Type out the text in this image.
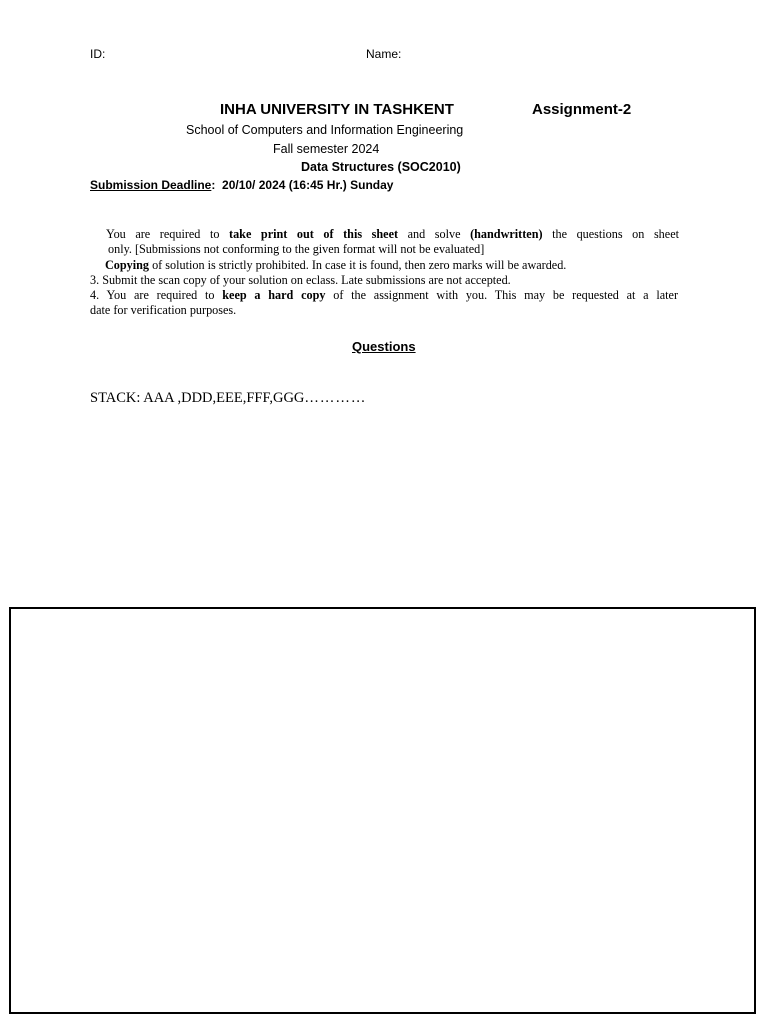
ID:	Name:
INHA UNIVERSITY IN TASHKENT	Assignment-2
School of Computers and Information Engineering
Fall semester 2024
Data Structures (SOC2010)
Submission Deadline: 20/10/ 2024 (16:45 Hr.) Sunday
You are required to take print out of this sheet and solve (handwritten) the questions on sheet
only. [Submissions not conforming to the given format will not be evaluated]
Copying of solution is strictly prohibited. In case it is found, then zero marks will be awarded.
3. Submit the scan copy of your solution on eclass. Late submissions are not accepted.
4. You are required to keep a hard copy of the assignment with you. This may be requested at a later
date for verification purposes.
Questions
STACK: AAA ,DDD,EEE,FFF,GGG…………
